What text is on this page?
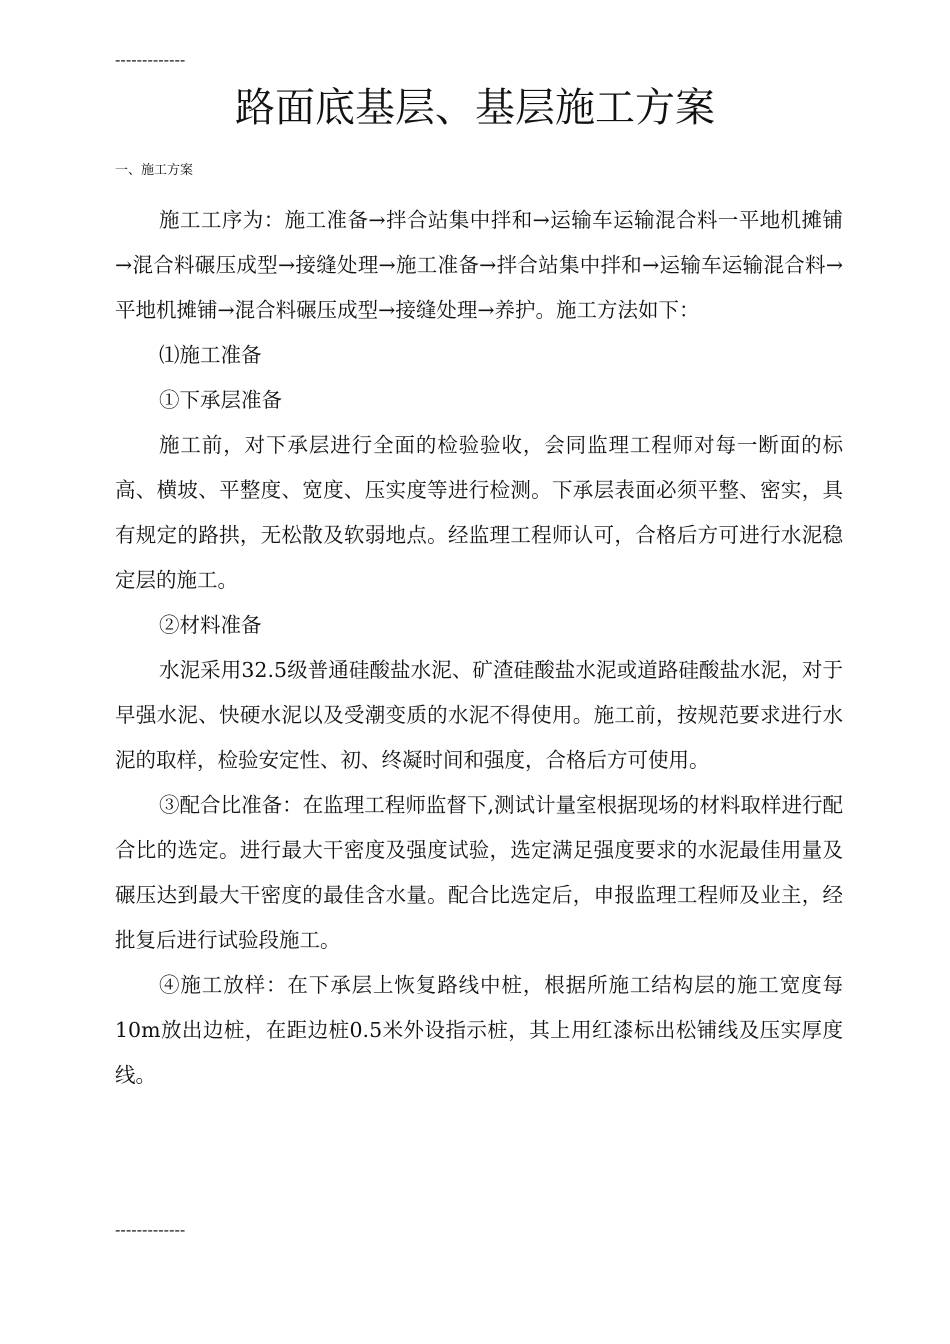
-------------
路面底基层、基层施工方案
一、施工方案

施工工序为：施工准备→拌合站集中拌和→运输车运输混合料一平地机摊铺→混合料碾压成型→接缝处理→施工准备→拌合站集中拌和→运输车运输混合料→平地机摊铺→混合料碾压成型→接缝处理→养护。施工方法如下：

⑴施工准备

①下承层准备

施工前，对下承层进行全面的检验验收，会同监理工程师对每一断面的标高、横坡、平整度、宽度、压实度等进行检测。下承层表面必须平整、密实，具有规定的路拱，无松散及软弱地点。经监理工程师认可，合格后方可进行水泥稳定层的施工。

②材料准备

水泥采用32.5级普通硅酸盐水泥、矿渣硅酸盐水泥或道路硅酸盐水泥，对于早强水泥、快硬水泥以及受潮变质的水泥不得使用。施工前，按规范要求进行水泥的取样，检验安定性、初、终凝时间和强度，合格后方可使用。

③配合比准备：在监理工程师监督下,测试计量室根据现场的材料取样进行配合比的选定。进行最大干密度及强度试验，选定满足强度要求的水泥最佳用量及碾压达到最大干密度的最佳含水量。配合比选定后，申报监理工程师及业主，经批复后进行试验段施工。

④施工放样：在下承层上恢复路线中桩，根据所施工结构层的施工宽度每10m放出边桩，在距边桩0.5米外设指示桩，其上用红漆标出松铺线及压实厚度线。

-------------
